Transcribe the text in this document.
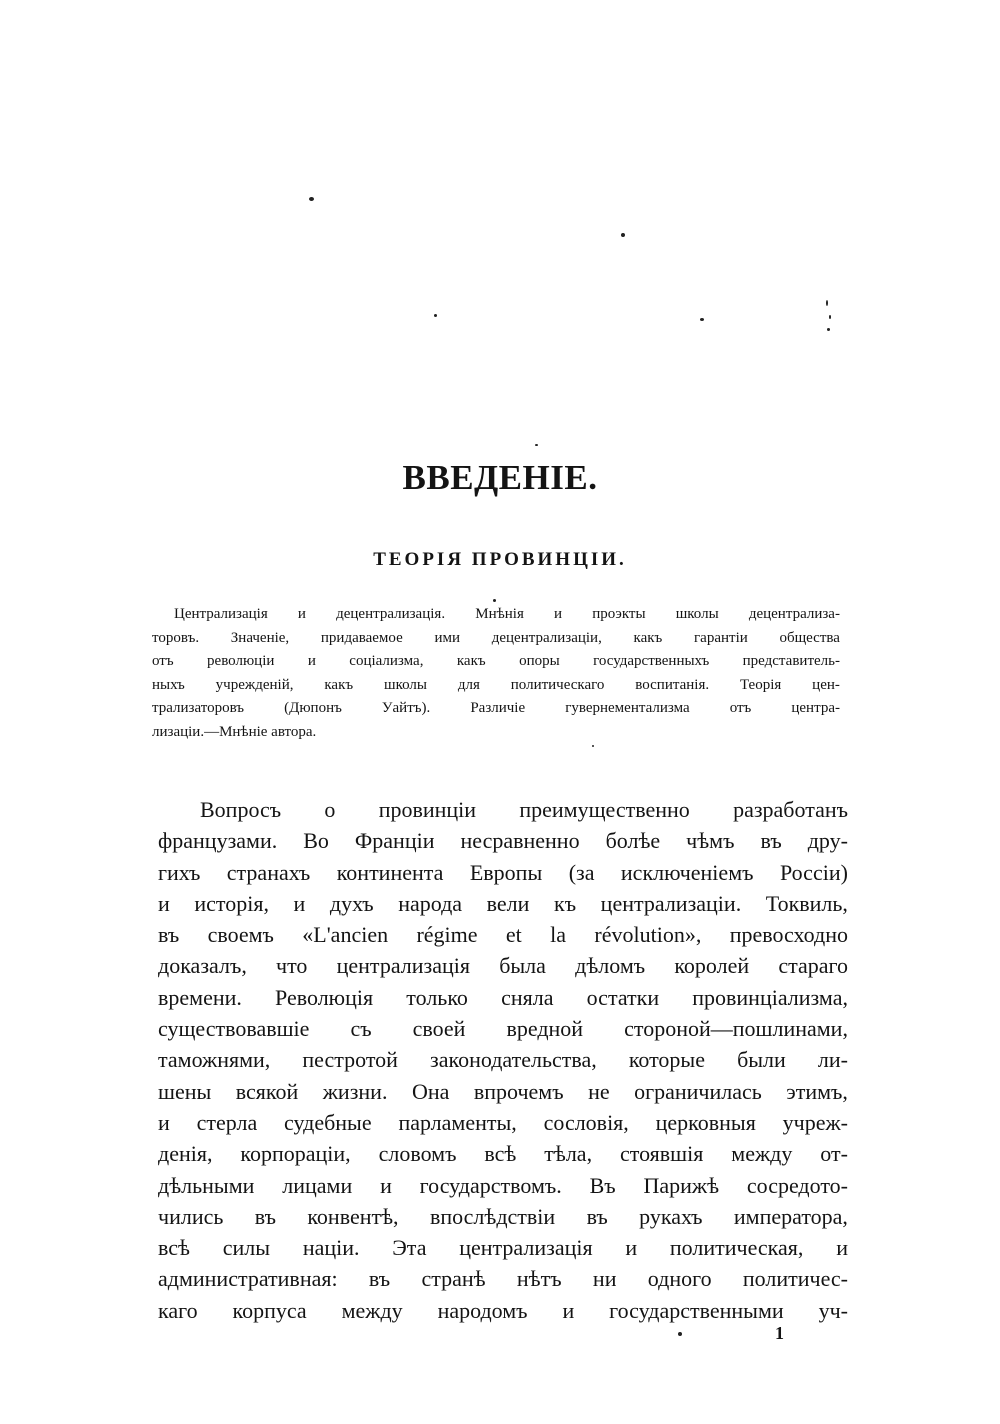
ВВЕДЕНІЕ.
ТЕОРІЯ ПРОВИНЦІИ.
Централизація и децентрализація. Мнѣнія и проэкты школы децентрализа-
торовъ. Значеніе, придаваемое ими децентрализаціи, какъ гарантіи общества
отъ революціи и соціализма, какъ опоры государственныхъ представитель-
ныхъ учрежденій, какъ школы для политическаго воспитанія. Теорія цен-
трализаторовъ	(Дюпонъ	Уайтъ).	Различіе	гувернементализма	отъ	центра-
лизаціи.—Мнѣніе автора.
Вопросъ о провинціи преимущественно разработанъ
французами. Во Франціи несравненно болѣе чѣмъ въ дру-
гихъ странахъ континента Европы (за исключеніемъ Россіи)
и исторія, и духъ народа вели къ централизаціи. Токвиль,
въ своемъ «L'ancien régime et la révolution», превосходно
доказалъ, что централизація была дѣломъ королей стараго
времени. Революція только сняла остатки провинціализма,
существовавшіе съ своей вредной стороной—пошлинами,
таможнями, пестротой законодательства, которые были ли-
шены всякой жизни. Она впрочемъ не ограничилась этимъ,
и стерла судебные парламенты, сословія, церковныя учреж-
денія, корпораціи, словомъ всѣ тѣла, стоявшія между от-
дѣльными лицами и государствомъ. Въ Парижѣ сосредото-
чились въ конвентѣ, впослѣдствіи въ рукахъ императора,
всѣ силы націи. Эта централизація и политическая, и
административная: въ странѣ нѣтъ ни одного политичес-
каго корпуса между народомъ и государственными уч-
1
